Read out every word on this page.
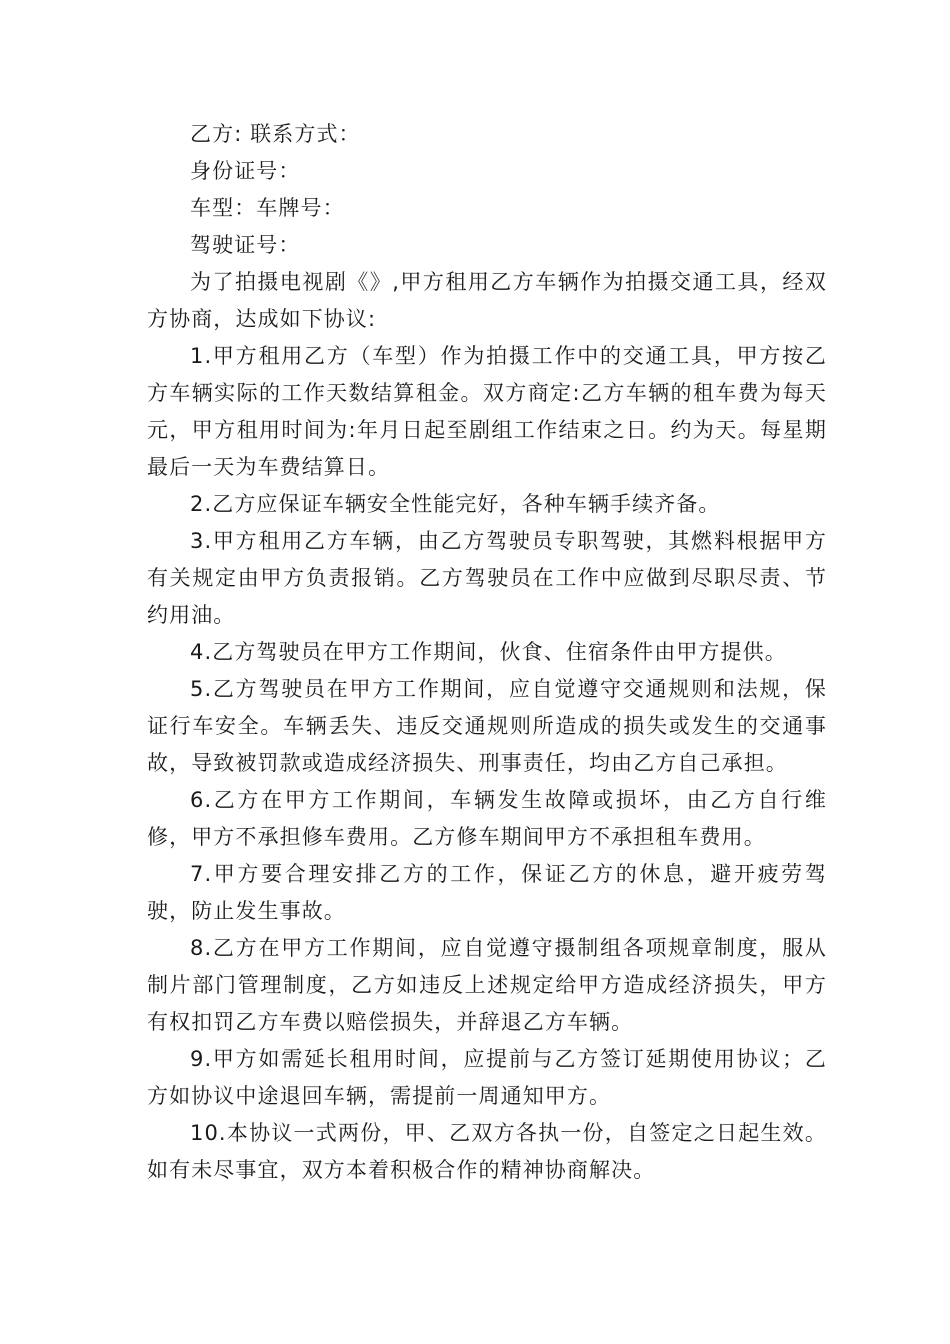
乙方: 联系方式：

身份证号：

车型：车牌号：

驾驶证号：

为了拍摄电视剧《》,甲方租用乙方车辆作为拍摄交通工具，经双方协商，达成如下协议:

1.甲方租用乙方（车型）作为拍摄工作中的交通工具，甲方按乙方车辆实际的工作天数结算租金。双方商定:乙方车辆的租车费为每天元，甲方租用时间为:年月日起至剧组工作结束之日。约为天。每星期最后一天为车费结算日。

2.乙方应保证车辆安全性能完好，各种车辆手续齐备。

3.甲方租用乙方车辆，由乙方驾驶员专职驾驶，其燃料根据甲方有关规定由甲方负责报销。乙方驾驶员在工作中应做到尽职尽责、节约用油。

4.乙方驾驶员在甲方工作期间，伙食、住宿条件由甲方提供。

5.乙方驾驶员在甲方工作期间，应自觉遵守交通规则和法规，保证行车安全。车辆丢失、违反交通规则所造成的损失或发生的交通事故，导致被罚款或造成经济损失、刑事责任，均由乙方自己承担。

6.乙方在甲方工作期间，车辆发生故障或损坏，由乙方自行维修，甲方不承担修车费用。乙方修车期间甲方不承担租车费用。

7.甲方要合理安排乙方的工作，保证乙方的休息，避开疲劳驾驶，防止发生事故。

8.乙方在甲方工作期间，应自觉遵守摄制组各项规章制度，服从制片部门管理制度，乙方如违反上述规定给甲方造成经济损失，甲方有权扣罚乙方车费以赔偿损失，并辞退乙方车辆。

9.甲方如需延长租用时间，应提前与乙方签订延期使用协议；乙方如协议中途退回车辆，需提前一周通知甲方。

10.本协议一式两份，甲、乙双方各执一份，自签定之日起生效。如有未尽事宜，双方本着积极合作的精神协商解决。
